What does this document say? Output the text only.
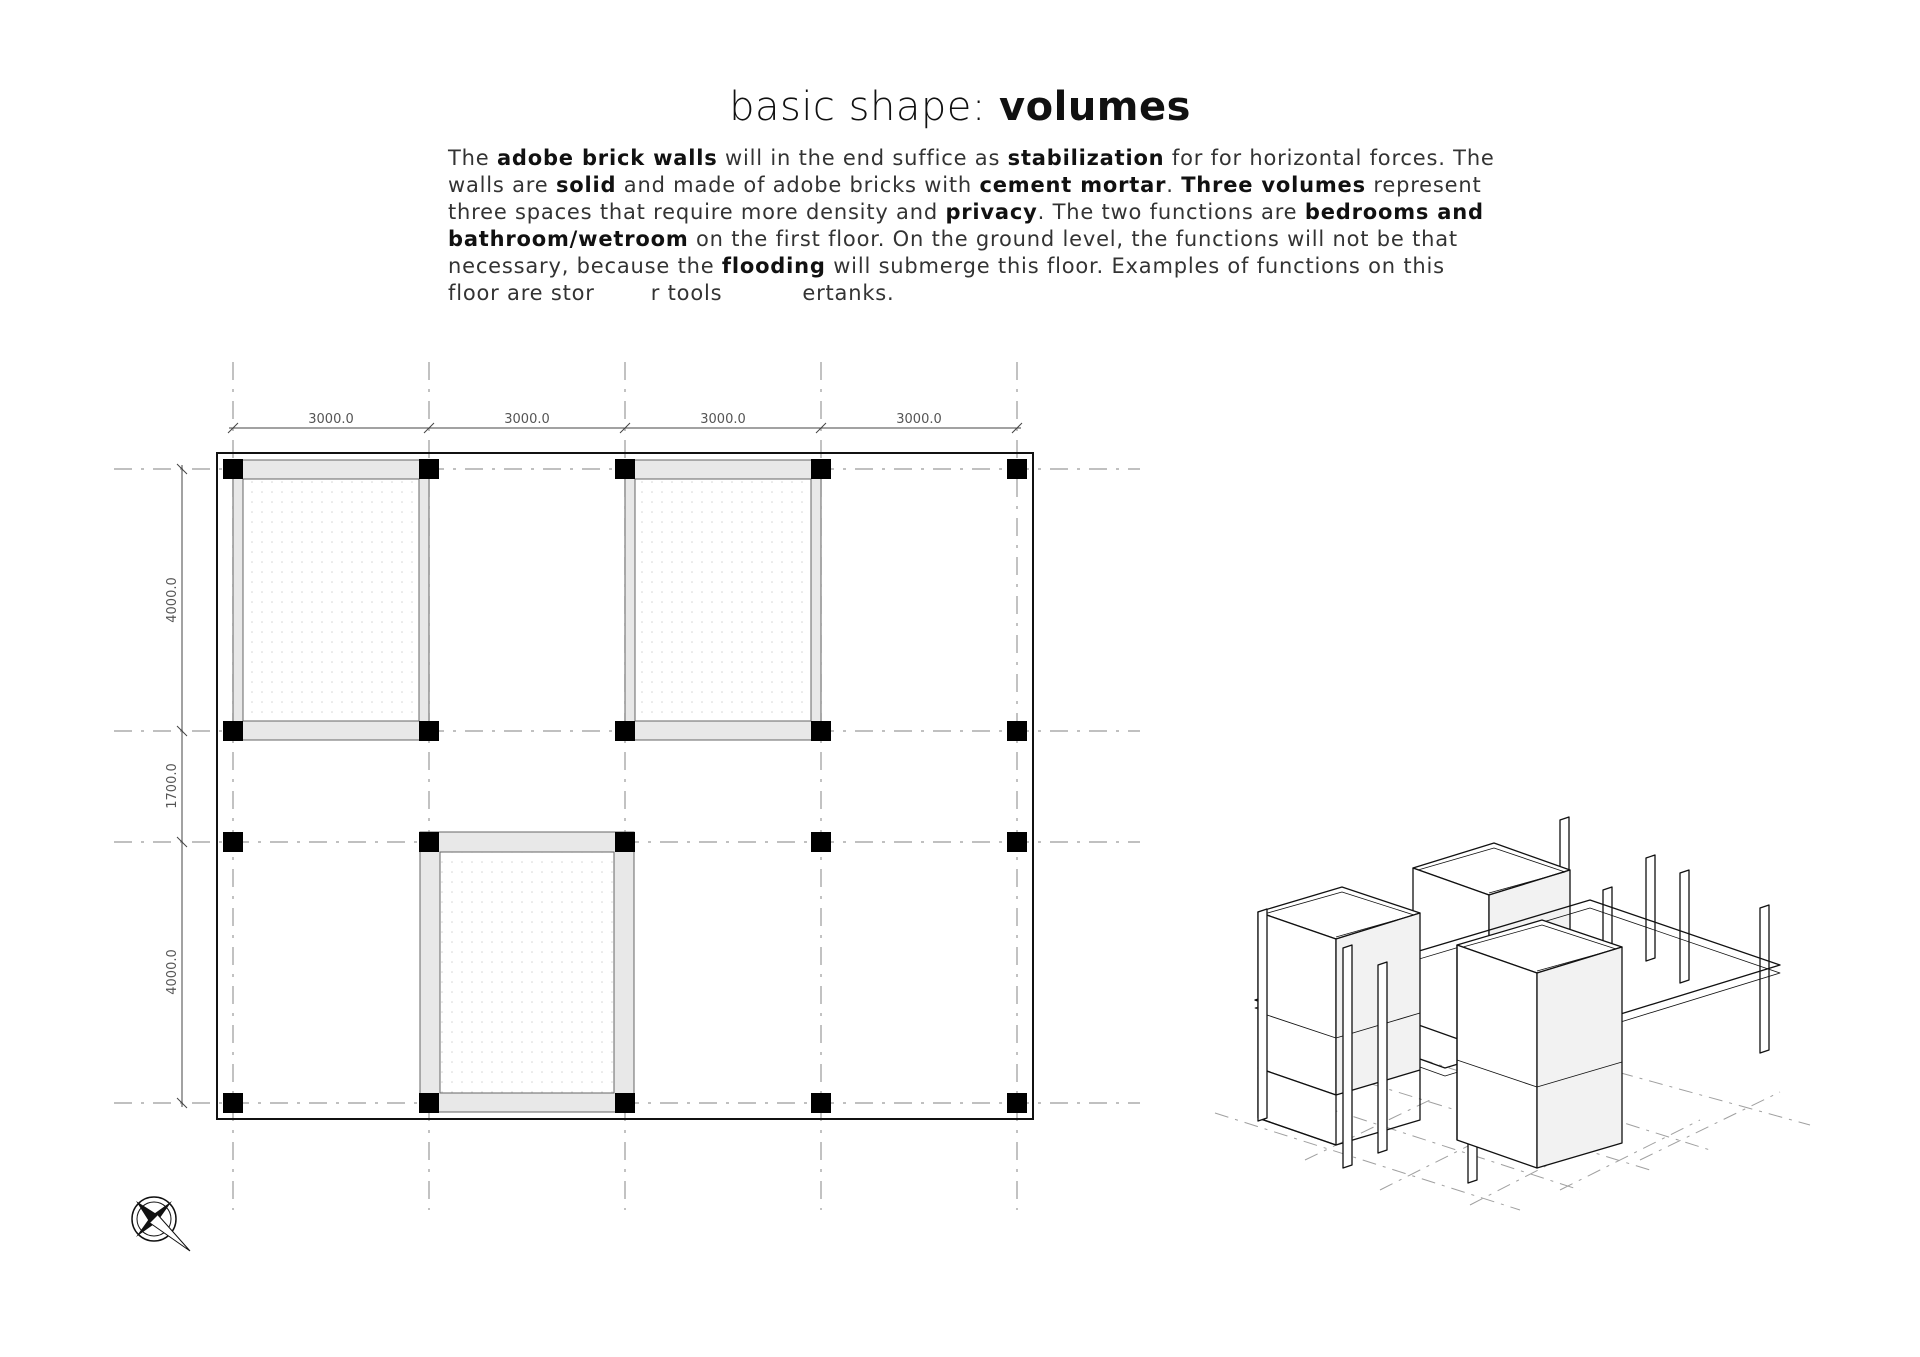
basic shape: volumes
The adobe brick walls will in the end suffice as stabilization for for horizontal forces. The
walls are solid and made of adobe bricks with cement mortar. Three volumes represent
three spaces that require more density and privacy. The two functions are bedrooms and
bathroom/wetroom on the first floor. On the ground level, the functions will not be that
necessary, because the flooding will submerge this floor. Examples of functions on this
floor are stor	r tools	ertanks.
3000.0	3000.0	3000.0	3000.0
4000.0
1700.0
4000.0
